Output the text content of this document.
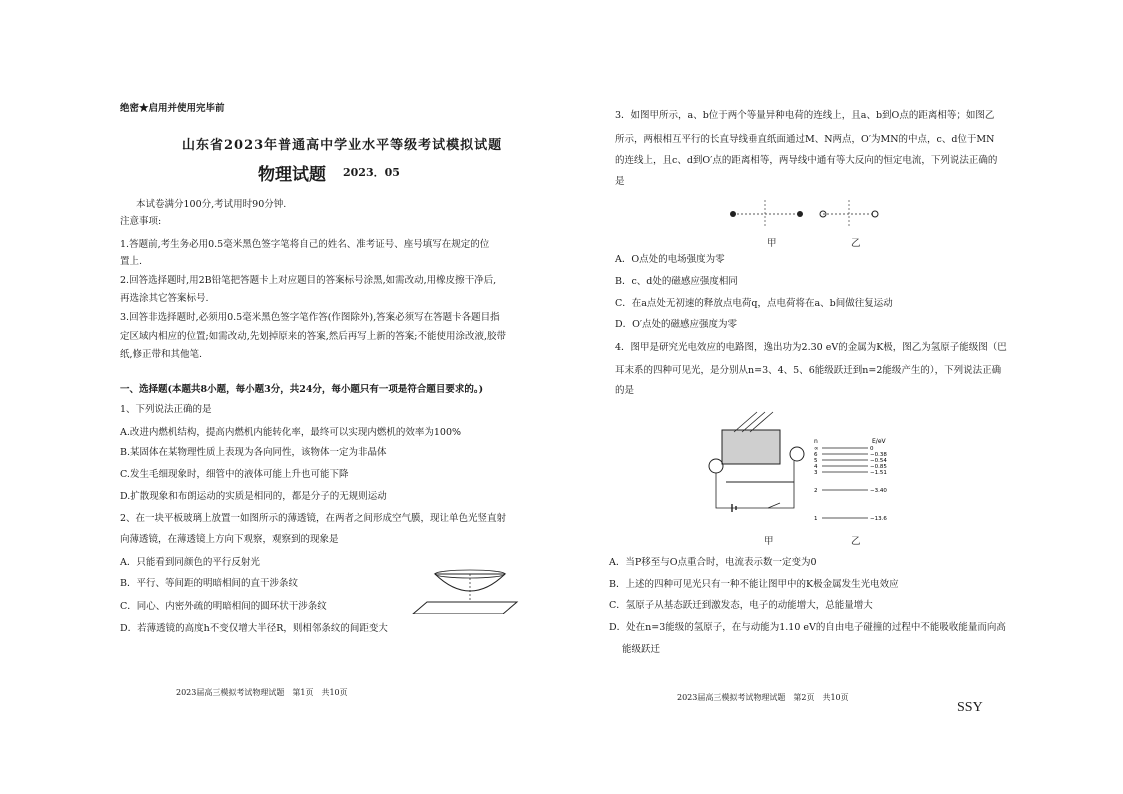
绝密★启用并使用完毕前
山东省2023年普通高中学业水平等级考试模拟试题
物理试题 2023．05
本试卷满分100分,考试用时90分钟.
注意事项:
1.答题前,考生务必用0.5毫米黑色签字笔将自己的姓名、准考证号、座号填写在规定的位
置上.
2.回答选择题时,用2B铅笔把答题卡上对应题目的答案标号涂黑,如需改动,用橡皮擦干净后,
再选涂其它答案标号.
3.回答非选择题时,必须用0.5毫米黑色签字笔作答(作图除外),答案必须写在答题卡各题目指
定区域内相应的位置;如需改动,先划掉原来的答案,然后再写上新的答案;不能使用涂改液,胶带
纸,修正带和其他笔.
一、选择题(本题共8小题，每小题3分，共24分，每小题只有一项是符合题目要求的。)
1、下列说法正确的是
A.改进内燃机结构，提高内燃机内能转化率，最终可以实现内燃机的效率为100%
B.某固体在某物理性质上表现为各向同性，该物体一定为非晶体
C.发生毛细现象时，细管中的液体可能上升也可能下降
D.扩散现象和布朗运动的实质是相同的，都是分子的无规则运动
2、在一块平板玻璃上放置一如图所示的薄透镜，在两者之间形成空气膜，现让单色光竖直射
向薄透镜，在薄透镜上方向下观察，观察到的现象是
A．只能看到同颜色的平行反射光
B．平行、等间距的明暗相间的直干涉条纹
C．同心、内密外疏的明暗相间的圆环状干涉条纹
D．若薄透镜的高度h不变仅增大半径R，则相邻条纹的间距变大
2023届高三模拟考试物理试题　第1页　共10页
3．如图甲所示，a、b位于两个等量异种电荷的连线上，且a、b到O点的距离相等；如图乙
所示，两根相互平行的长直导线垂直纸面通过M、N两点，O′为MN的中点，c、d位于MN
的连线上，且c、d到O′点的距离相等，两导线中通有等大反向的恒定电流，下列说法正确的
是
甲	乙
A．O点处的电场强度为零
B．c、d处的磁感应强度相同
C．在a点处无初速的释放点电荷q，点电荷将在a、b间做往复运动
D．O′点处的磁感应强度为零
4．图甲是研究光电效应的电路图，逸出功为2.30 eV的金属为K极，图乙为氢原子能级图（巴
耳末系的四种可见光，是分别从n=3、4、5、6能级跃迁到n=2能级产生的），下列说法正确
的是
E/eV
n
∞	0
6	−0.38
5	−0.54
4	−0.85
3	−1.51
2	−3.40
1	−13.6
甲	乙
A．当P移至与O点重合时，电流表示数一定变为0
B．上述的四种可见光只有一种不能让图甲中的K极金属发生光电效应
C．氢原子从基态跃迁到激发态，电子的动能增大，总能量增大
D．处在n=3能级的氢原子，在与动能为1.10 eV的自由电子碰撞的过程中不能吸收能量而向高
能级跃迁
2023届高三模拟考试物理试题　第2页　共10页
SSY
